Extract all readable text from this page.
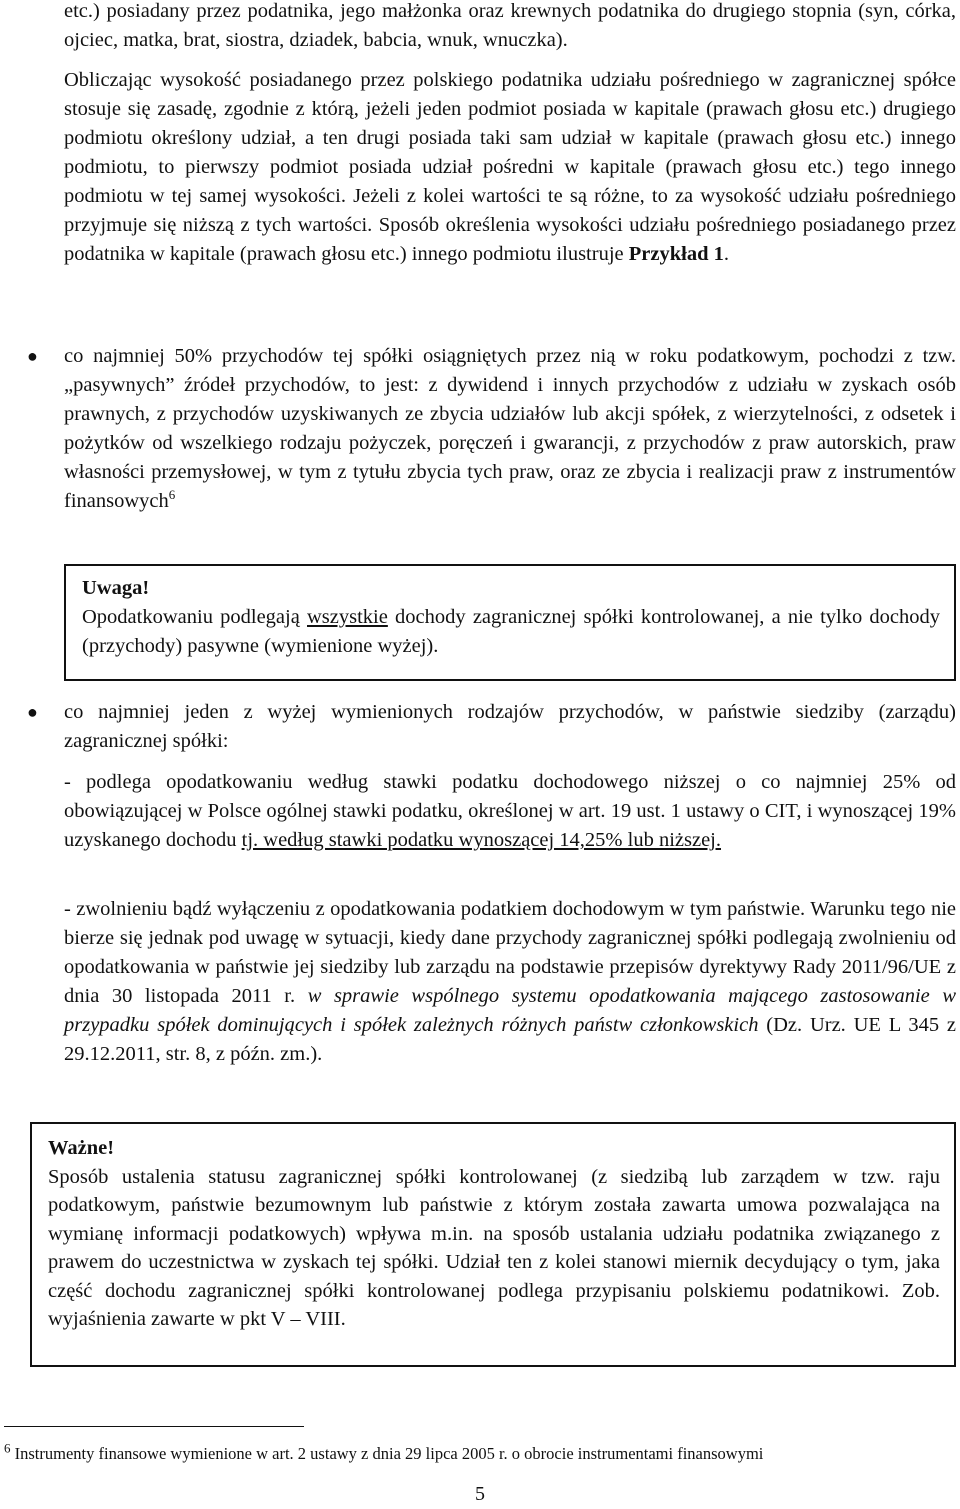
etc.) posiadany przez podatnika, jego małżonka oraz krewnych podatnika do drugiego stopnia (syn, córka, ojciec, matka, brat, siostra, dziadek, babcia, wnuk, wnuczka).

Obliczając wysokość posiadanego przez polskiego podatnika udziału pośredniego w zagranicznej spółce stosuje się zasadę, zgodnie z którą, jeżeli jeden podmiot posiada w kapitale (prawach głosu etc.) drugiego podmiotu określony udział, a ten drugi posiada taki sam udział w kapitale (prawach głosu etc.) innego podmiotu, to pierwszy podmiot posiada udział pośredni w kapitale (prawach głosu etc.) tego innego podmiotu w tej samej wysokości. Jeżeli z kolei wartości te są różne, to za wysokość udziału pośredniego przyjmuje się niższą z tych wartości. Sposób określenia wysokości udziału pośredniego posiadanego przez podatnika w kapitale (prawach głosu etc.) innego podmiotu ilustruje Przykład 1.

● co najmniej 50% przychodów tej spółki osiągniętych przez nią w roku podatkowym, pochodzi z tzw. „pasywnych” źródeł przychodów, to jest: z dywidend i innych przychodów z udziału w zyskach osób prawnych, z przychodów uzyskiwanych ze zbycia udziałów lub akcji spółek, z wierzytelności, z odsetek i pożytków od wszelkiego rodzaju pożyczek, poręczeń i gwarancji, z przychodów z praw autorskich, praw własności przemysłowej, w tym z tytułu zbycia tych praw, oraz ze zbycia i realizacji praw z instrumentów finansowych$^6$

Uwaga!
Opodatkowaniu podlegają wszystkie dochody zagranicznej spółki kontrolowanej, a nie tylko dochody (przychody) pasywne (wymienione wyżej).
● co najmniej jeden z wyżej wymienionych rodzajów przychodów, w państwie siedziby (zarządu) zagranicznej spółki:

- podlega opodatkowaniu według stawki podatku dochodowego niższej o co najmniej 25% od obowiązującej w Polsce ogólnej stawki podatku, określonej w art. 19 ust. 1 ustawy o CIT, i wynoszącej 19% uzyskanego dochodu tj. według stawki podatku wynoszącej 14,25% lub niższej.

- zwolnieniu bądź wyłączeniu z opodatkowania podatkiem dochodowym w tym państwie. Warunku tego nie bierze się jednak pod uwagę w sytuacji, kiedy dane przychody zagranicznej spółki podlegają zwolnieniu od opodatkowania w państwie jej siedziby lub zarządu na podstawie przepisów dyrektywy Rady 2011/96/UE z dnia 30 listopada 2011 r. w sprawie wspólnego systemu opodatkowania mającego zastosowanie w przypadku spółek dominujących i spółek zależnych różnych państw członkowskich (Dz. Urz. UE L 345 z 29.12.2011, str. 8, z późn. zm.).

Ważne!
Sposób ustalenia statusu zagranicznej spółki kontrolowanej (z siedzibą lub zarządem w tzw. raju podatkowym, państwie bezumownym lub państwie z którym została zawarta umowa pozwalająca na wymianę informacji podatkowych) wpływa m.in. na sposób ustalania udziału podatnika związanego z prawem do uczestnictwa w zyskach tej spółki. Udział ten z kolei stanowi miernik decydujący o tym, jaka część dochodu zagranicznej spółki kontrolowanej podlega przypisaniu polskiemu podatnikowi. Zob. wyjaśnienia zawarte w pkt V – VIII.
$^6$ Instrumenty finansowe wymienione w art. 2 ustawy z dnia 29 lipca 2005 r. o obrocie instrumentami finansowymi
5
